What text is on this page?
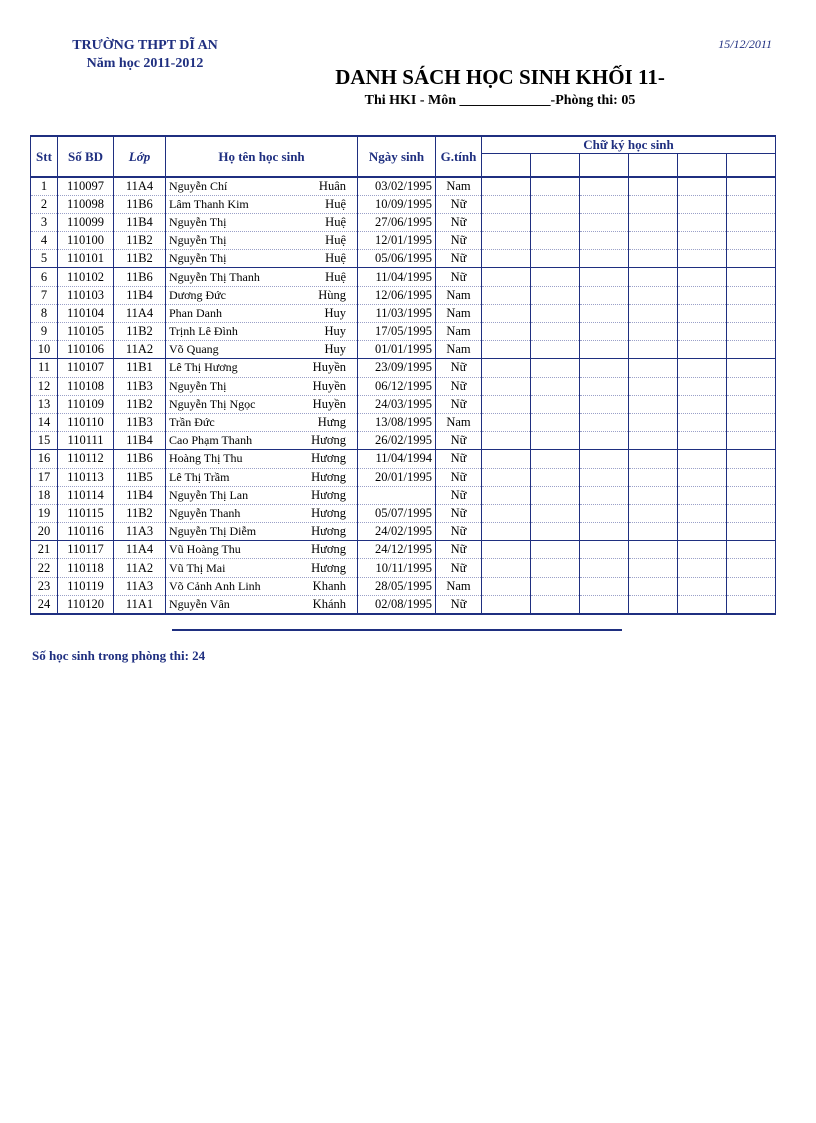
TRƯỜNG THPT DĨ AN
Năm học 2011-2012
15/12/2011
DANH SÁCH HỌC SINH KHỐI 11-
Thi HKI - Môn _____________-Phòng thi: 05
Stt	Số BD	Lớp	Họ tên học sinh	Ngày sinh	G.tính	Chữ ký học sinh					

1	110097	11A4	Nguyễn Chí Huân	03/02/1995	Nam						
2	110098	11B6	Lâm Thanh Kim Huệ	10/09/1995	Nữ						
3	110099	11B4	Nguyễn Thị Huệ	27/06/1995	Nữ						
4	110100	11B2	Nguyễn Thị Huệ	12/01/1995	Nữ						
5	110101	11B2	Nguyễn Thị Huệ	05/06/1995	Nữ						
6	110102	11B6	Nguyễn Thị Thanh Huệ	11/04/1995	Nữ						
7	110103	11B4	Dương Đức Hùng	12/06/1995	Nam						
8	110104	11A4	Phan Danh Huy	11/03/1995	Nam						
9	110105	11B2	Trịnh Lê Đình Huy	17/05/1995	Nam						
10	110106	11A2	Võ Quang Huy	01/01/1995	Nam						
11	110107	11B1	Lê Thị Hương Huyền	23/09/1995	Nữ						
12	110108	11B3	Nguyễn Thị Huyền	06/12/1995	Nữ						
13	110109	11B2	Nguyễn Thị Ngọc Huyền	24/03/1995	Nữ						
14	110110	11B3	Trần Đức Hưng	13/08/1995	Nam						
15	110111	11B4	Cao Phạm Thanh Hương	26/02/1995	Nữ						
16	110112	11B6	Hoàng Thị Thu Hương	11/04/1994	Nữ						
17	110113	11B5	Lê Thị Trầm Hương	20/01/1995	Nữ						
18	110114	11B4	Nguyễn Thị Lan Hương		Nữ						
19	110115	11B2	Nguyễn Thanh Hương	05/07/1995	Nữ						
20	110116	11A3	Nguyễn Thị Diễm Hương	24/02/1995	Nữ						
21	110117	11A4	Vũ Hoàng Thu Hương	24/12/1995	Nữ						
22	110118	11A2	Vũ Thị Mai Hương	10/11/1995	Nữ						
23	110119	11A3	Võ Cảnh Anh Linh Khanh	28/05/1995	Nam						
24	110120	11A1	Nguyễn Vân Khánh	02/08/1995	Nữ						
Số học sinh trong phòng thi: 24
